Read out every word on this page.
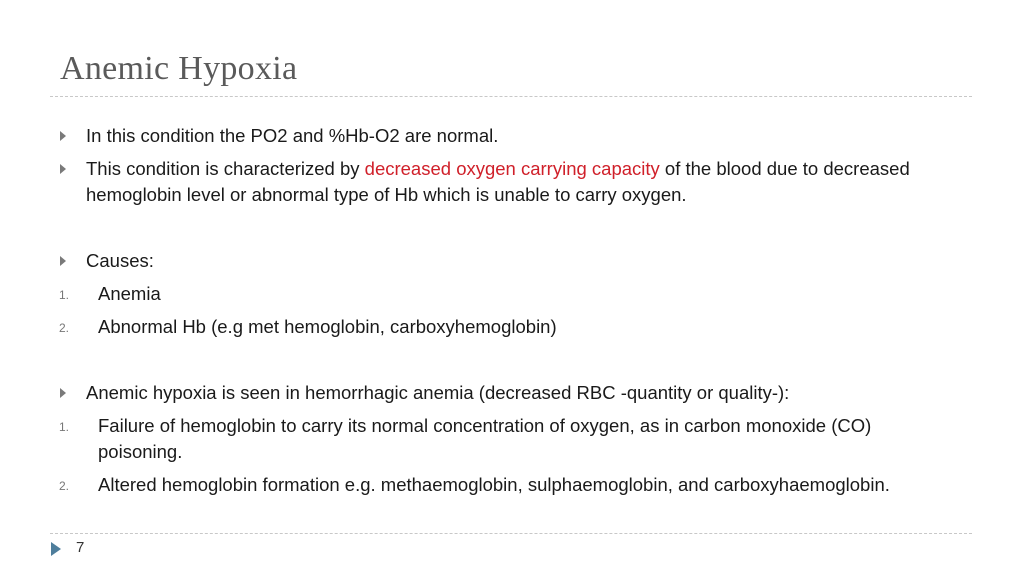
Anemic Hypoxia
In this condition the PO2 and %Hb-O2 are normal.
This condition is characterized by decreased oxygen carrying capacity of the blood due to decreased
hemoglobin level or abnormal type of Hb which is unable to carry oxygen.
Causes:
1. Anemia
2. Abnormal Hb (e.g met hemoglobin, carboxyhemoglobin)
Anemic hypoxia is seen in hemorrhagic anemia (decreased RBC -quantity or quality-):
1. Failure of hemoglobin to carry its normal concentration of oxygen, as in carbon monoxide (CO)
poisoning.
2. Altered hemoglobin formation e.g. methaemoglobin, sulphaemoglobin, and carboxyhaemoglobin.
7
